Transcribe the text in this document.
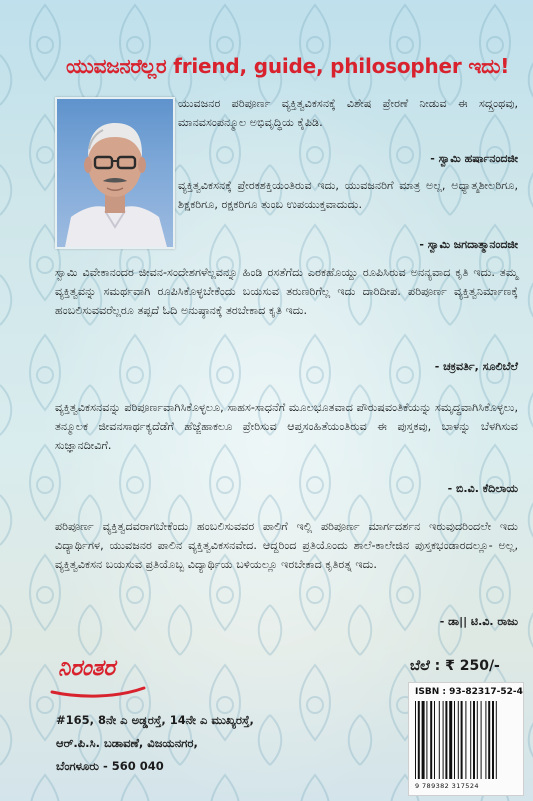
ಯುವಜನರೆಲ್ಲರ friend, guide, philosopher ಇದು!
ಯುವಜನರ ಪರಿಪೂರ್ಣ ವ್ಯಕ್ತಿತ್ವವಿಕಸನಕ್ಕೆ ವಿಶೇಷ ಪ್ರೇರಣೆ ನೀಡುವ ಈ ಸದ್ಗ್ರಂಥವು, ಮಾನವಸಂಪನ್ಮೂಲ ಅಭಿವೃದ್ಧಿಯ ಕೈಪಿಡಿ.
- ಸ್ವಾಮಿ ಹರ್ಷಾನಂದಜೀ
ವ್ಯಕ್ತಿತ್ವವಿಕಸನಕ್ಕೆ ಪ್ರೇರಕಶಕ್ತಿಯಂತಿರುವ ಇದು, ಯುವಜನರಿಗೆ ಮಾತ್ರ ಅಲ್ಲ, ಅಧ್ಯಾತ್ಮಶೀಲರಿಗೂ, ಶಿಕ್ಷಕರಿಗೂ, ರಕ್ಷಕರಿಗೂ ತುಂಬ ಉಪಯುಕ್ತವಾದುದು.
- ಸ್ವಾಮಿ ಜಗದಾತ್ಮಾನಂದಜೀ
ಸ್ವಾಮಿ ವಿವೇಕಾನಂದರ ಜೀವನ-ಸಂದೇಶಗಳೆಲ್ಲವನ್ನೂ ಹಿಂಡಿ ರಸತೆಗೆದು ಎರಕಹೊಯ್ದು ರೂಪಿಸಿರುವ ಅನನ್ಯವಾದ ಕೃತಿ ಇದು. ತಮ್ಮ ವ್ಯಕ್ತಿತ್ವವನ್ನು ಸಮರ್ಥವಾಗಿ ರೂಪಿಸಿಕೊಳ್ಳಬೇಕೆಂದು ಬಯಸುವ ತರುಣರಿಗೆಲ್ಲ ಇದು ದಾರಿದೀಪ. ಪರಿಪೂರ್ಣ ವ್ಯಕ್ತಿತ್ವನಿರ್ಮಾಣಕ್ಕೆ ಹಂಬಲಿಸುವವರೆಲ್ಲರೂ ತಪ್ಪದೆ ಓದಿ ಅನುಷ್ಠಾನಕ್ಕೆ ತರಬೇಕಾದ ಕೃತಿ ಇದು.
- ಚಕ್ರವರ್ತಿ, ಸೂಲಿಬೆಲೆ
ವ್ಯಕ್ತಿತ್ವವಿಕಸನವನ್ನು ಪರಿಪೂರ್ಣವಾಗಿಸಿಕೊಳ್ಳಲೂ, ಸಾಹಸ-ಸಾಧನೆಗೆ ಮೂಲಭೂತವಾದ ಪೌರುಷವಂತಿಕೆಯನ್ನು ಸಮೃದ್ಧವಾಗಿಸಿಕೊಳ್ಳಲು, ತನ್ಮೂಲಕ ಜೀವನಸಾರ್ಥಕ್ಯದೆಡೆಗೆ ಹೆಜ್ಜೆಹಾಕಲೂ ಪ್ರೇರಿಸುವ ಆಪ್ತಸಂಹಿತೆಯಂತಿರುವ ಈ ಪುಸ್ತಕವು, ಬಾಳನ್ನು ಬೆಳಗಿಸುವ ಸುಜ್ಞಾನದೀವಿಗೆ.
- ಬಿ.ವಿ. ಕೆದಿಲಾಯ
ಪರಿಪೂರ್ಣ ವ್ಯಕ್ತಿತ್ವದವರಾಗಬೇಕೆಂದು ಹಂಬಲಿಸುವವರ ಪಾಲಿಗೆ ಇಲ್ಲಿ ಪರಿಪೂರ್ಣ ಮಾರ್ಗದರ್ಶನ ಇರುವುದರಿಂದಲೇ ಇದು ವಿದ್ಯಾರ್ಥಿಗಳ, ಯುವಜನರ ಪಾಲಿನ ವ್ಯಕ್ತಿತ್ವವಿಕಸನವೇದ. ಆದ್ದರಿಂದ ಪ್ರತಿಯೊಂದು ಶಾಲೆ-ಕಾಲೇಜಿನ ಪುಸ್ತಕಭಂಡಾರದಲ್ಲೂ- ಅಲ್ಲ, ವ್ಯಕ್ತಿತ್ವವಿಕಸನ ಬಯಸುವ ಪ್ರತಿಯೊಬ್ಬ ವಿದ್ಯಾರ್ಥಿಯ ಬಳಿಯಲ್ಲೂ ಇರಬೇಕಾದ ಕೃತಿರತ್ನ ಇದು.
- ಡಾ|| ಟಿ.ವಿ. ರಾಜು
ನಿರಂತರ
#165, 8ನೇ ಎ ಅಡ್ಡರಸ್ತೆ, 14ನೇ ಎ ಮುಖ್ಯರಸ್ತೆ,
ಆರ್.ಪಿ.ಸಿ. ಬಡಾವಣೆ, ವಿಜಯನಗರ,
ಬೆಂಗಳೂರು - 560 040
ಬೆಲೆ : ₹ 250/-
ISBN : 93-82317-52-4
9 789382 317524
